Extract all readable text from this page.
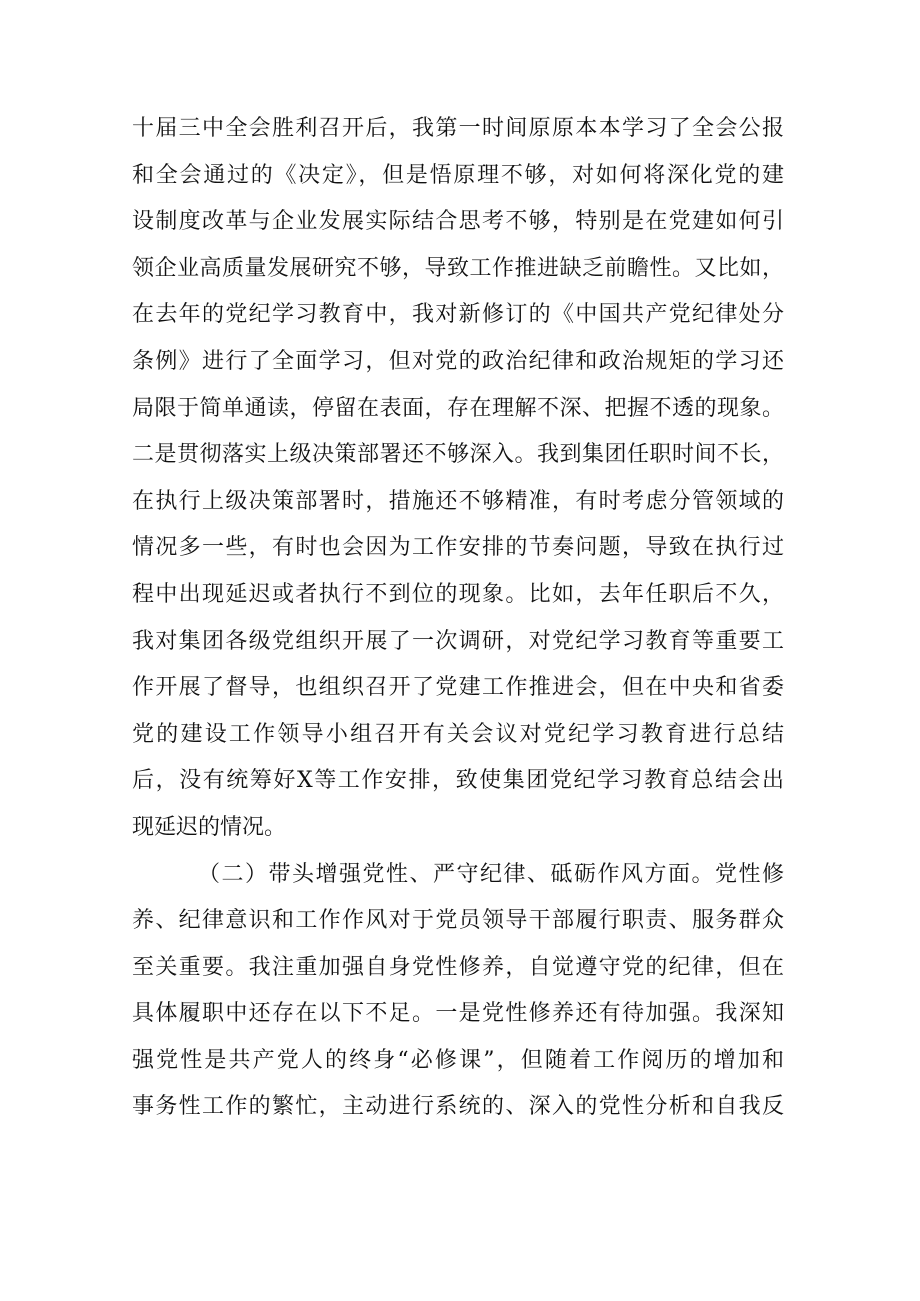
十届三中全会胜利召开后，我第一时间原原本本学习了全会公报
和全会通过的《决定》，但是悟原理不够，对如何将深化党的建
设制度改革与企业发展实际结合思考不够，特别是在党建如何引
领企业高质量发展研究不够，导致工作推进缺乏前瞻性。又比如，
在去年的党纪学习教育中，我对新修订的《中国共产党纪律处分
条例》进行了全面学习，但对党的政治纪律和政治规矩的学习还
局限于简单通读，停留在表面，存在理解不深、把握不透的现象。
二是贯彻落实上级决策部署还不够深入。我到集团任职时间不长，
在执行上级决策部署时，措施还不够精准，有时考虑分管领域的
情况多一些，有时也会因为工作安排的节奏问题，导致在执行过
程中出现延迟或者执行不到位的现象。比如，去年任职后不久，
我对集团各级党组织开展了一次调研，对党纪学习教育等重要工
作开展了督导，也组织召开了党建工作推进会，但在中央和省委
党的建设工作领导小组召开有关会议对党纪学习教育进行总结
后，没有统筹好X等工作安排，致使集团党纪学习教育总结会出
现延迟的情况。
（二）带头增强党性、严守纪律、砥砺作风方面。党性修
养、纪律意识和工作作风对于党员领导干部履行职责、服务群众
至关重要。我注重加强自身党性修养，自觉遵守党的纪律，但在
具体履职中还存在以下不足。一是党性修养还有待加强。我深知
强党性是共产党人的终身“必修课”，但随着工作阅历的增加和
事务性工作的繁忙，主动进行系统的、深入的党性分析和自我反
